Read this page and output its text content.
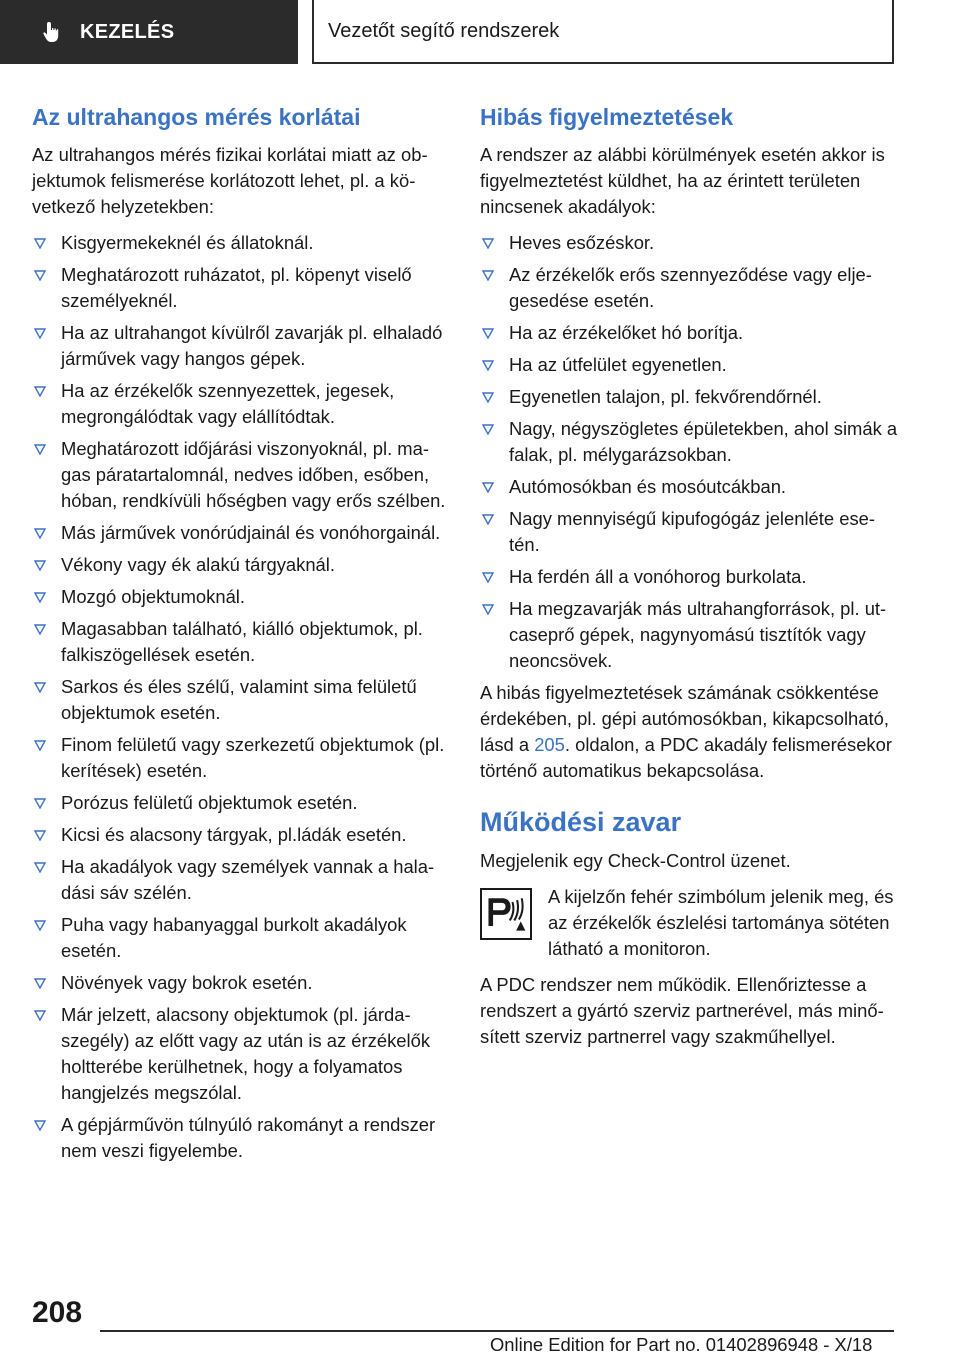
KEZELÉS	Vezetőt segítő rendszerek
Az ultrahangos mérés korlátai

Az ultrahangos mérés fizikai korlátai miatt az objektumok felismerése korlátozott lehet, pl. a következő helyzetekben:

Kisgyermekeknél és állatoknál.
Meghatározott ruházatot, pl. köpenyt viselő személyeknél.
Ha az ultrahangot kívülről zavarják pl. elhaladó járművek vagy hangos gépek.
Ha az érzékelők szennyezettek, jegesek, megrongálódtak vagy elállítódtak.
Meghatározott időjárási viszonyoknál, pl. magas páratartalomnál, nedves időben, esőben, hóban, rendkívüli hőségben vagy erős szélben.
Más járművek vonórúdjainál és vonóhorgainál.
Vékony vagy ék alakú tárgyaknál.
Mozgó objektumoknál.
Magasabban található, kiálló objektumok, pl. falkiszögellések esetén.
Sarkos és éles szélű, valamint sima felületű objektumok esetén.
Finom felületű vagy szerkezetű objektumok (pl. kerítések) esetén.
Porózus felületű objektumok esetén.
Kicsi és alacsony tárgyak, pl.ládák esetén.
Ha akadályok vagy személyek vannak a haladási sáv szélén.
Puha vagy habanyaggal burkolt akadályok esetén.
Növények vagy bokrok esetén.
Már jelzett, alacsony objektumok (pl. járdaszegély) az előtt vagy az után is az érzékelők holtterébe kerülhetnek, hogy a folyamatos hangjelzés megszólal.
A gépjárművön túlnyúló rakományt a rendszer nem veszi figyelembe.
Hibás figyelmeztetések

A rendszer az alábbi körülmények esetén akkor is figyelmeztetést küldhet, ha az érintett területen nincsenek akadályok:

Heves esőzéskor.
Az érzékelők erős szennyeződése vagy eljegesedése esetén.
Ha az érzékelőket hó borítja.
Ha az útfelület egyenetlen.
Egyenetlen talajon, pl. fekvőrendőrnél.
Nagy, négyszögletes épületekben, ahol simák a falak, pl. mélygarázsokban.
Autómosókban és mosóutcákban.
Nagy mennyiségű kipufogógáz jelenléte esetén.
Ha ferdén áll a vonóhorog burkolata.
Ha megzavarják más ultrahangforrások, pl. utcaseprő gépek, nagynyomású tisztítók vagy neoncsövek.

A hibás figyelmeztetések számának csökkentése érdekében, pl. gépi autómosókban, kikapcsolható, lásd a 205. oldalon, a PDC akadály felismerésekor történő automatikus bekapcsolása.

Működési zavar

Megjelenik egy Check-Control üzenet.

A kijelzőn fehér szimbólum jelenik meg, és az érzékelők észlelési tartománya sötéten látható a monitoron.

A PDC rendszer nem működik. Ellenőriztesse a rendszert a gyártó szerviz partnerével, más minősített szerviz partnerrel vagy szakműhellyel.

208
Online Edition for Part no. 01402896948 - X/18
